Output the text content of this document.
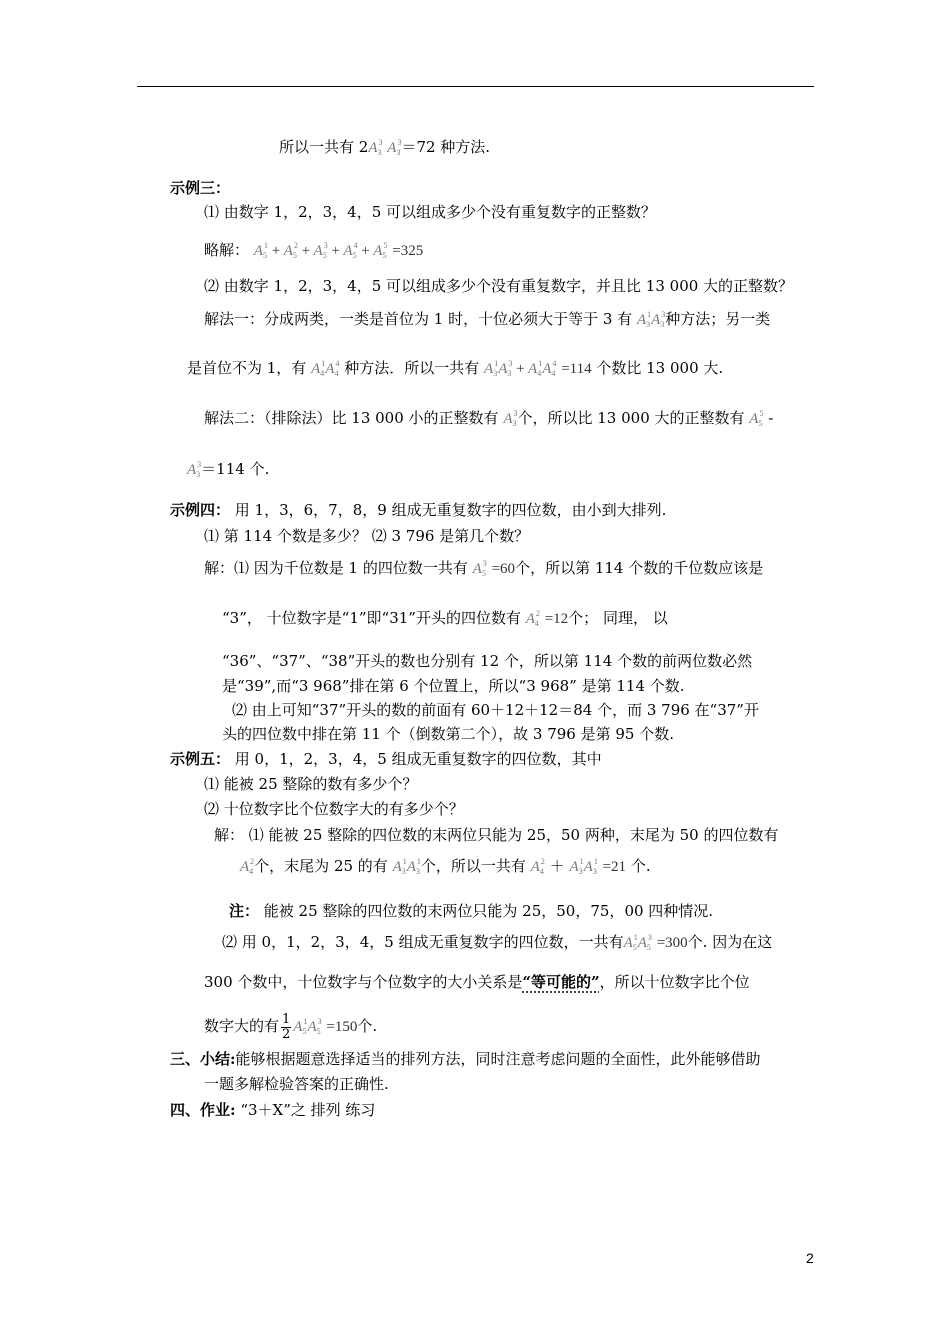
所以一共有 $2A_3^3$ $A_3^3=72$ 种方法.
示例三：
⑴ 由数字 1，2，3，4，5 可以组成多少个没有重复数字的正整数？
略解： $A_5^1 + A_5^2 + A_5^3 + A_5^4 + A_5^5 =325$
⑵ 由数字 1，2，3，4，5 可以组成多少个没有重复数字，并且比 13 000 大的正整数？
解法一：分成两类，一类是首位为 1 时，十位必须大于等于 3 有 $A_3^1A_3^3$种方法；另一类
是首位不为 1，有 $A_4^1A_4^4$ 种方法．所以一共有 $A_3^1A_3^3 + A_4^1A_4^4 =114$ 个数比 13 000 大.
解法二：（排除法）比 13 000 小的正整数有 $A_3^3$个，所以比 13 000 大的正整数有 $A_5^5$ -
$A_3^3=114$ 个.
示例四： 用 1，3，6，7，8，9 组成无重复数字的四位数，由小到大排列.
⑴ 第 114 个数是多少？ ⑵ 3 796 是第几个数？
解：⑴ 因为千位数是 1 的四位数一共有 $A_5^3 =60$个，所以第 114 个数的千位数应该是
“3”， 十位数字是“1”即“31”开头的四位数有 $A_4^2 =12$个； 同理， 以
“36”、“37”、“38”开头的数也分别有 12 个，所以第 114 个数的前两位数必然
是“39”,而“3 968”排在第 6 个位置上，所以“3 968” 是第 114 个数.
⑵ 由上可知“37”开头的数的前面有 60＋12＋12＝84 个，而 3 796 在“37”开
头的四位数中排在第 11 个（倒数第二个），故 3 796 是第 95 个数.
示例五： 用 0，1，2，3，4，5 组成无重复数字的四位数，其中
⑴ 能被 25 整除的数有多少个？
⑵ 十位数字比个位数字大的有多少个？
解： ⑴ 能被 25 整除的四位数的末两位只能为 25，50 两种，末尾为 50 的四位数有
$A_4^2$个，末尾为 25 的有 $A_3^1A_3^1$个，所以一共有 $A_4^2 + A_3^1A_3^1 =21$ 个.
注： 能被 25 整除的四位数的末两位只能为 25，50，75，00 四种情况.
⑵ 用 0，1，2，3，4，5 组成无重复数字的四位数，一共有$A_5^1A_5^3 =300$个. 因为在这
300 个数中，十位数字与个位数字的大小关系是“等可能的”，所以十位数字比个位
数字大的有 $\frac{1}{2} A_5^1A_5^3 =150$个.
三、小结:能够根据题意选择适当的排列方法，同时注意考虑问题的全面性，此外能够借助
一题多解检验答案的正确性.
四、作业: “3＋X”之 排列 练习
2
